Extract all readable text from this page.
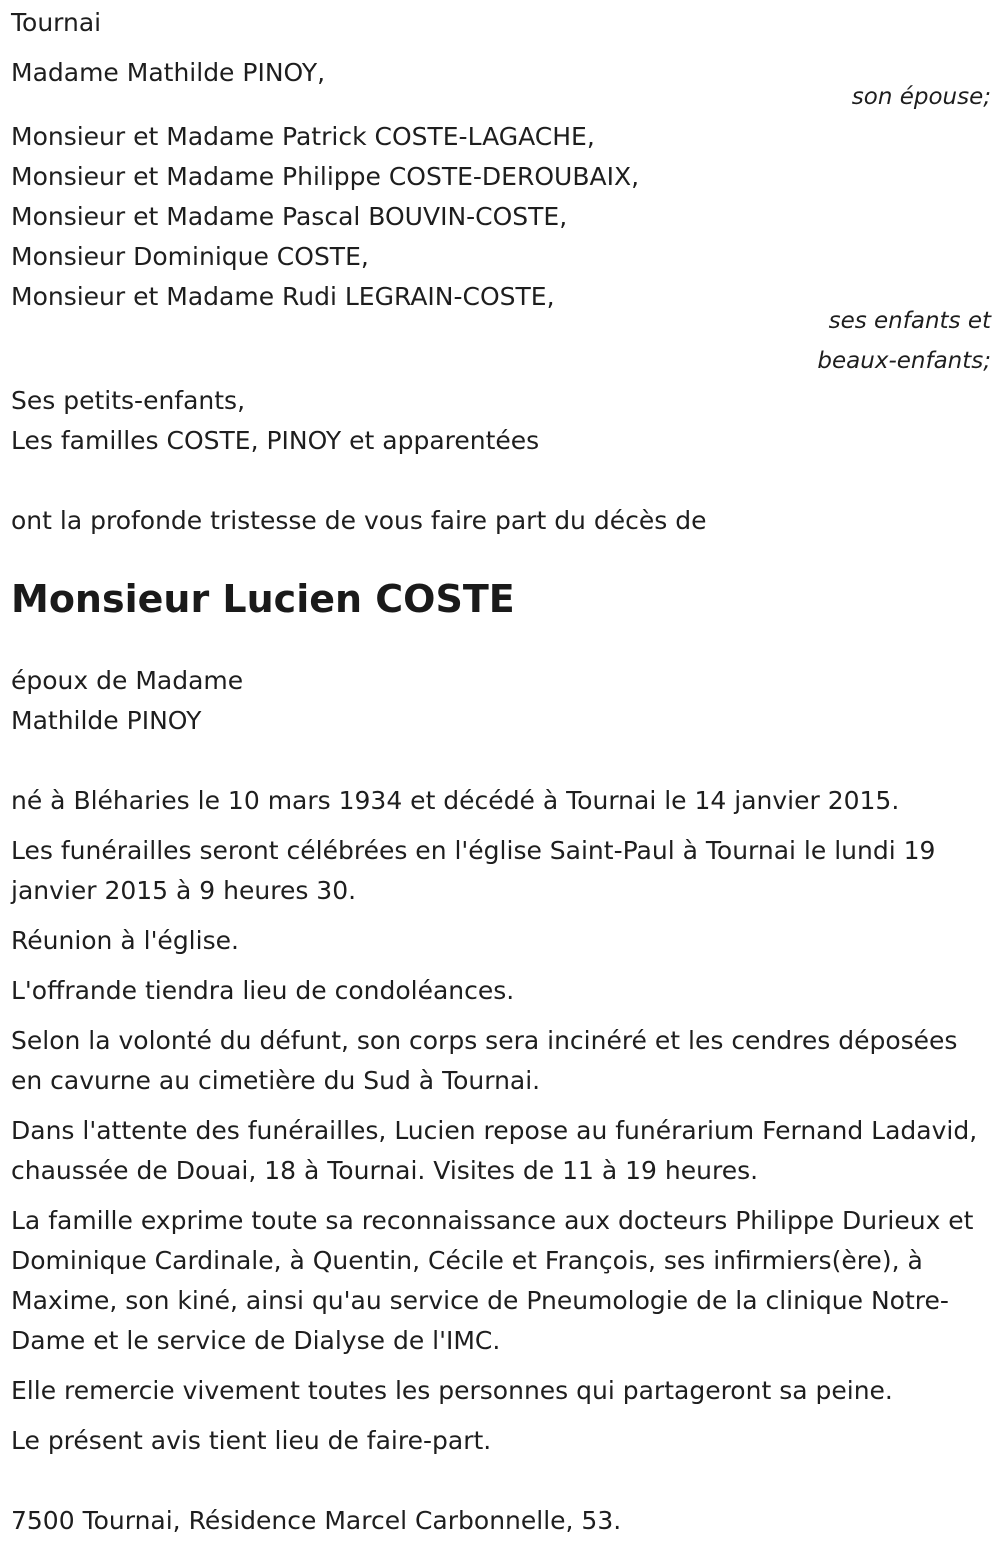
Tournai
Madame Mathilde PINOY,
son épouse;
Monsieur et Madame Patrick COSTE-LAGACHE,
Monsieur et Madame Philippe COSTE-DEROUBAIX,
Monsieur et Madame Pascal BOUVIN-COSTE,
Monsieur Dominique COSTE,
Monsieur et Madame Rudi LEGRAIN-COSTE,
ses enfants et
beaux-enfants;
Ses petits-enfants,
Les familles COSTE, PINOY et apparentées
ont la profonde tristesse de vous faire part du décès de
Monsieur Lucien COSTE
époux de Madame
Mathilde PINOY
né à Bléharies le 10 mars 1934 et décédé à Tournai le 14 janvier 2015.
Les funérailles seront célébrées en l'église Saint-Paul à Tournai le lundi 19 janvier 2015 à 9 heures 30.
Réunion à l'église.
L'offrande tiendra lieu de condoléances.
Selon la volonté du défunt, son corps sera incinéré et les cendres déposées en cavurne au cimetière du Sud à Tournai.
Dans l'attente des funérailles, Lucien repose au funérarium Fernand Ladavid, chaussée de Douai, 18 à Tournai. Visites de 11 à 19 heures.
La famille exprime toute sa reconnaissance aux docteurs Philippe Durieux et Dominique Cardinale, à Quentin, Cécile et François, ses infirmiers(ère), à Maxime, son kiné, ainsi qu'au service de Pneumologie de la clinique Notre-Dame et le service de Dialyse de l'IMC.
Elle remercie vivement toutes les personnes qui partageront sa peine.
Le présent avis tient lieu de faire-part.
7500 Tournai, Résidence Marcel Carbonnelle, 53.
